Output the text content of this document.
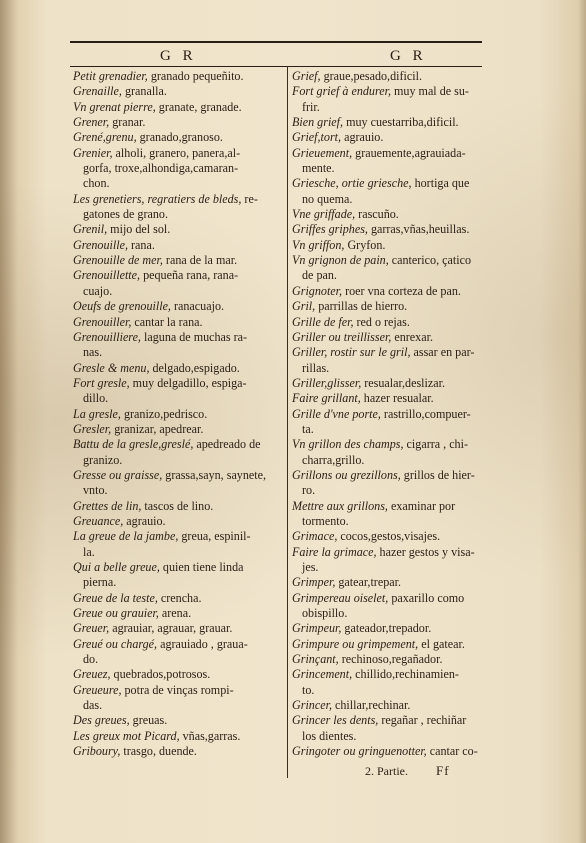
G R	G R
Petit grenadier, granado pequeñito.
Grenaille, granalla.
Vn grenat pierre, granate, granade.
Grener, granar.
Grené,grenu, granado,granoso.
Grenier, alholi, granero, panera,al-
gorfa, troxe,alhondiga,camaran-
chon.
Les grenetiers, regratiers de bleds, re-
gatones de grano.
Grenil, mijo del sol.
Grenouille, rana.
Grenouille de mer, rana de la mar.
Grenouillette, pequeña rana, rana-
cuajo.
Oeufs de grenouille, ranacuajo.
Grenouiller, cantar la rana.
Grenouilliere, laguna de muchas ra-
nas.
Gresle & menu, delgado,espigado.
Fort gresle, muy delgadillo, espiga-
dillo.
La gresle, granizo,pedrisco.
Gresler, granizar, apedrear.
Battu de la gresle,greslé, apedreado de
granizo.
Gresse ou graisse, grassa,sayn, saynete,
vnto.
Grettes de lin, tascos de lino.
Greuance, agrauio.
La greue de la jambe, greua, espinil-
la.
Qui a belle greue, quien tiene linda
pierna.
Greue de la teste, crencha.
Greue ou grauier, arena.
Greuer, agrauiar, agrauar, grauar.
Greué ou chargé, agrauiado , graua-
do.
Greuez, quebrados,potrosos.
Greueure, potra de vinças rompi-
das.
Des greues, greuas.
Les greux mot Picard, vñas,garras.
Griboury, trasgo, duende.
Grief, graue,pesado,dificil.
Fort grief à endurer, muy mal de su-
frir.
Bien grief, muy cuestarriba,dificil.
Grief,tort, agrauio.
Grieuement, grauemente,agrauiada-
mente.
Griesche, ortie griesche, hortiga que
no quema.
Vne griffade, rascuño.
Griffes griphes, garras,vñas,heuillas.
Vn griffon, Gryfon.
Vn grignon de pain, canterico, çatico
de pan.
Grignoter, roer vna corteza de pan.
Gril, parrillas de hierro.
Grille de fer, red o rejas.
Griller ou treillisser, enrexar.
Griller, rostir sur le gril, assar en par-
rillas.
Griller,glisser, resualar,deslizar.
Faire grillant, hazer resualar.
Grille d'vne porte, rastrillo,compuer-
ta.
Vn grillon des champs, cigarra , chi-
charra,grillo.
Grillons ou grezillons, grillos de hier-
ro.
Mettre aux grillons, examinar por
tormento.
Grimace, cocos,gestos,visajes.
Faire la grimace, hazer gestos y visa-
jes.
Grimper, gatear,trepar.
Grimpereau oiselet, paxarillo como
obispillo.
Grimpeur, gateador,trepador.
Grimpure ou grimpement, el gatear.
Grinçant, rechinoso,regañador.
Grincement, chillido,rechinamien-
to.
Grincer, chillar,rechinar.
Grincer les dents, regañar , rechiñar
los dientes.
Gringoter ou gringuenotter, cantar co-
2. Partie. Ff
